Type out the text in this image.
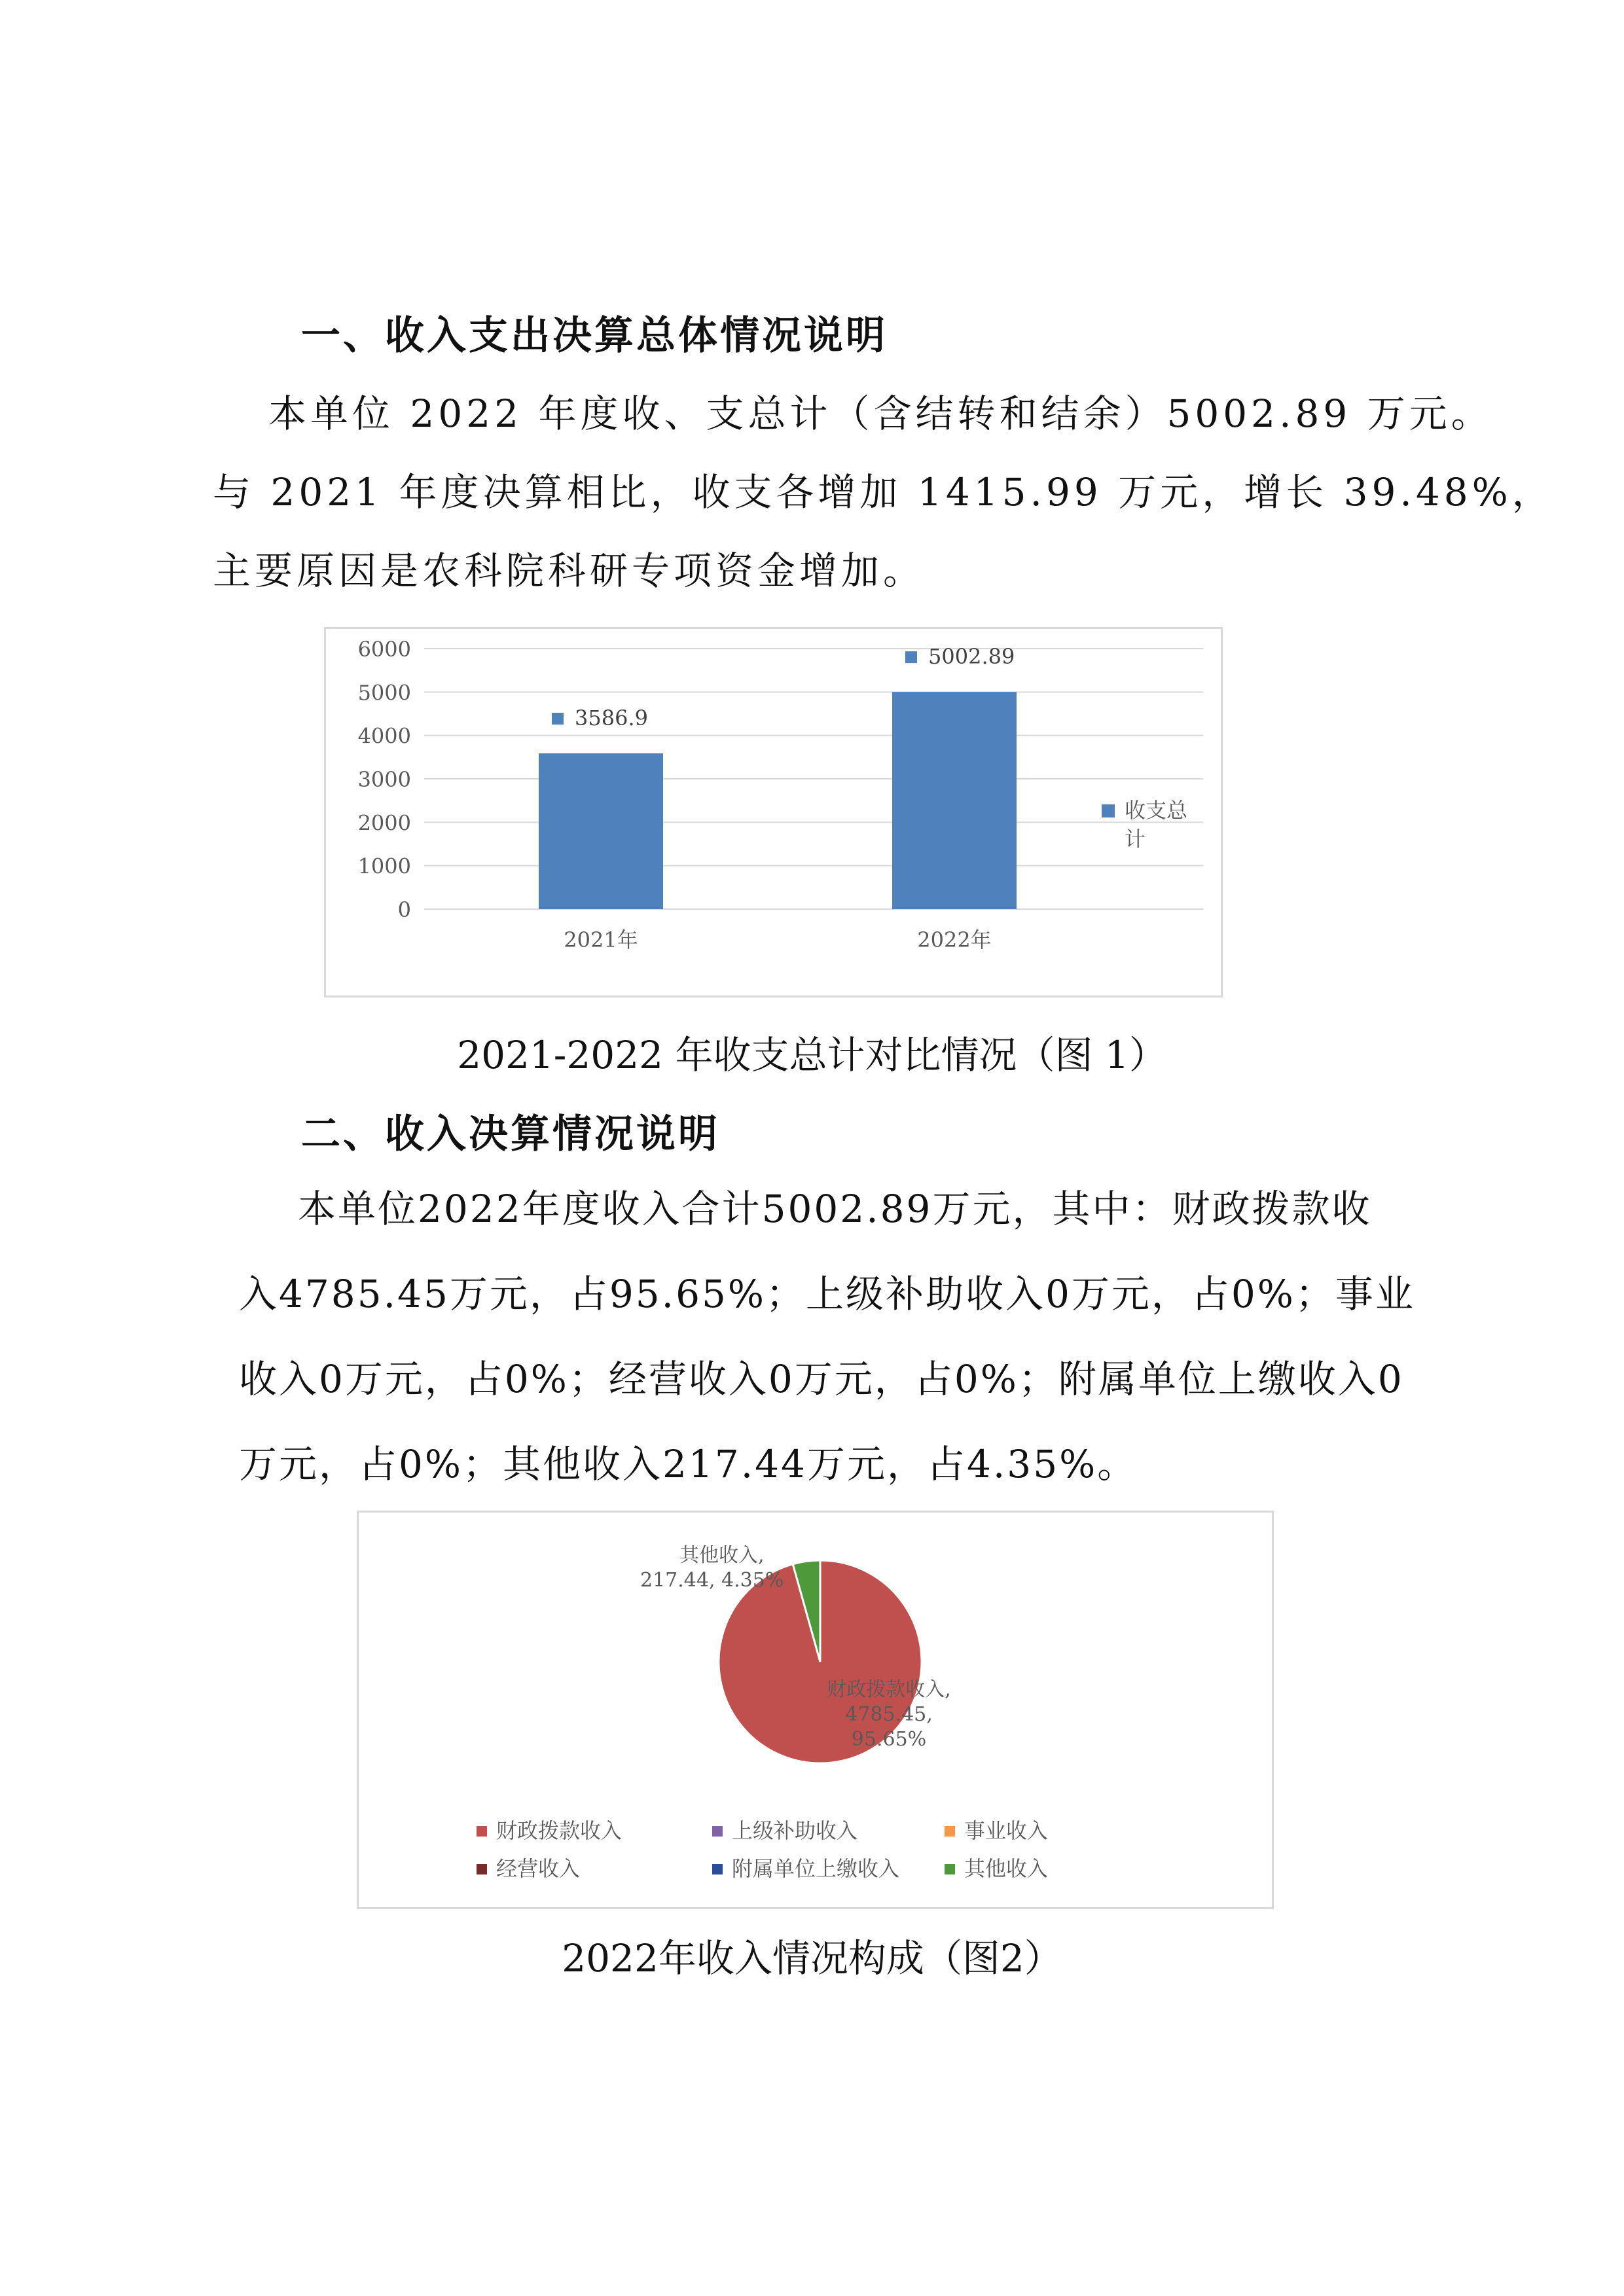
一、收入支出决算总体情况说明
本单位 2022 年度收、支总计（含结转和结余）5002.89 万元。
与 2021 年度决算相比，收支各增加 1415.99 万元，增长 39.48%，
主要原因是农科院科研专项资金增加。
0
1000
2000
3000
4000
5000
6000
3586.9
2021年
5002.89
2022年
收支总
计
2021-2022 年收支总计对比情况（图 1）
二、收入决算情况说明
本单位2022年度收入合计5002.89万元，其中：财政拨款收
入4785.45万元，占95.65%；上级补助收入0万元，占0%；事业
收入0万元，占0%；经营收入0万元，占0%；附属单位上缴收入0
万元，占0%；其他收入217.44万元，占4.35%。
其他收入,
217.44, 4.35%
财政拨款收入,
4785.45,
95.65%
财政拨款收入	上级补助收入	事业收入
经营收入	附属单位上缴收入	其他收入
2022年收入情况构成（图2）
